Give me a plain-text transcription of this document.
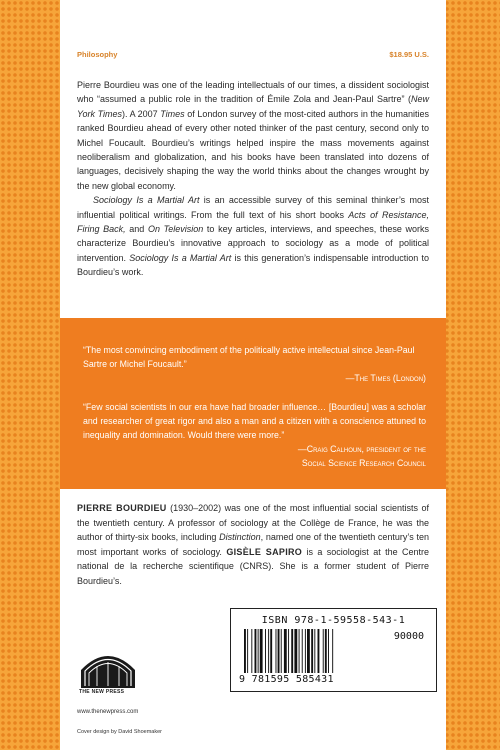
Philosophy	$18.95 U.S.

Pierre Bourdieu was one of the leading intellectuals of our times, a dissident sociologist who “assumed a public role in the tradition of Émile Zola and Jean-Paul Sartre” (New York Times). A 2007 Times of London survey of the most-cited authors in the humanities ranked Bourdieu ahead of every other noted thinker of the past century, second only to Michel Foucault. Bourdieu’s writings helped inspire the mass movements against neoliberalism and globalization, and his books have been translated into dozens of languages, decisively shaping the way the world thinks about the changes wrought by the new global economy.

Sociology Is a Martial Art is an accessible survey of this seminal thinker’s most influential political writings. From the full text of his short books Acts of Resistance, Firing Back, and On Television to key articles, interviews, and speeches, these works characterize Bourdieu’s innovative approach to sociology as a mode of political intervention. Sociology Is a Martial Art is this generation’s indispensable introduction to Bourdieu’s work.

“The most convincing embodiment of the politically active intellectual since Jean-Paul Sartre or Michel Foucault.”
—The Times (London)
“Few social scientists in our era have had broader influence… [Bourdieu] was a scholar and researcher of great rigor and also a man and a citizen with a conscience attuned to inequality and domination. Would there were more.”
—Craig Calhoun, president of the
Social Science Research Council
PIERRE BOURDIEU (1930–2002) was one of the most influential social scientists of the twentieth century. A professor of sociology at the Collège de France, he was the author of thirty-six books, including Distinction, named one of the twentieth century’s ten most important works of sociology. GISÈLE SAPIRO is a sociologist at the Centre national de la recherche scientifique (CNRS). She is a former student of Pierre Bourdieu’s.
THE NEW PRESS
www.thenewpress.com
Cover design by David Shoemaker
ISBN 978-1-59558-543-1
90000
9 781595 585431
